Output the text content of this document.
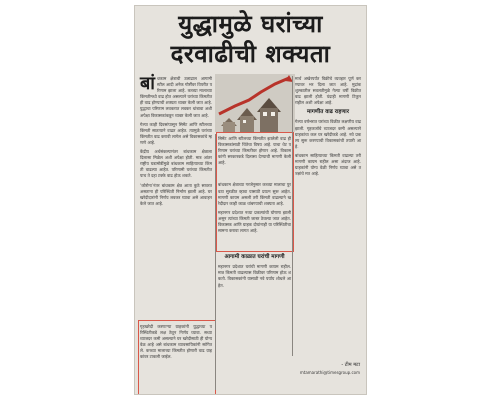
युद्धामुळे घरांच्या
दरवाढीची शक्यता

बांधकाम क्षेत्राची उलाढाल आगामी स्टील आदी अनेक गोष्टींवर विपरीत परिणाम झाला आहे. कच्च्या मालाच्या किंमतीमध्ये वाढ होत असल्याने घरांच्या किंमतीतही वाढ होण्याची शक्यता व्यक्त केली जात आहे. युद्धाचा परिणाम लवकरात लवकर थांबावा अशी अपेक्षा विकासकांकडून व्यक्त केली जात आहे.

गेल्या काही दिवसांपासून सिमेंट आणि स्टीलच्या किंमती सातत्याने वाढत आहेत. त्यामुळे घरांच्या किंमतीत वाढ करावी लागेल असे विकासकांचे म्हणणे आहे.

केंद्रीय अर्थसंकल्पानंतर बांधकाम क्षेत्राला दिलासा मिळेल अशी अपेक्षा होती. मात्र आंतरराष्ट्रीय घडामोडींमुळे बांधकाम साहित्याच्या किंमती वाढल्या आहेत. परिणामी घरांच्या किंमतीत पाच ते दहा टक्के वाढ होऊ शकते.

‘कोरोना’नंतर बांधकाम क्षेत्र आता कुठे सावरत असताना ही परिस्थिती निर्माण झाली आहे. घर खरेदीदारांनी निर्णय लवकर घ्यावा असे आवाहन केले जात आहे.

गृहखरेदी करणाऱ्या ग्राहकांनी युद्धाच्या परिस्थितीकडे लक्ष ठेवून निर्णय घ्यावा. सध्या व्याजदर कमी असल्याने घर खरेदीसाठी ही योग्य वेळ आहे असे बांधकाम व्यावसायिकांनी सांगितले. कच्च्या मालाच्या किंमतीत होणारी वाढ ग्राहकांवर टाकली जाईल.

सिमेंट आणि स्टीलच्या किंमतीत झालेली वाढ ही विकासकांसाठी चिंतेचा विषय आहे. याचा थेट परिणाम घरांच्या किंमतीवर होणार आहे. विकासकांनी सरकारकडे दिलासा देण्याची मागणी केली आहे.

बांधकाम क्षेत्राच्या गरजेनुसार कच्च्या मालाचा पुरवठा सुरळीत व्हावा यासाठी प्रयत्न सुरू आहेत. मागणी कायम असली तरी किंमती वाढल्याने खरेदीदार काही काळ थांबण्याची शक्यता आहे.

महानगर प्रदेशात नव्या प्रकल्पांची घोषणा झाली असून त्यांच्या किंमती जास्त ठेवल्या जात आहेत. विकासक आणि ग्राहक दोघांनाही या परिस्थितीचा सामना करावा लागत आहे.

आगामी काळात घरांची मागणी

महानगर प्रदेशात घरांची मागणी कायम राहील. मात्र किंमती वाढल्यास विक्रीवर परिणाम होऊ शकतो. विकासकांनी यासाठी नवे पर्याय शोधले आहेत.

मार्च अखेरपर्यंत विक्रीचे व्यवहार पूर्ण करण्यावर भर दिला जात आहे. मुद्रांक शुल्कातील सवलतीमुळे गेल्या वर्षी विक्रीत वाढ झाली होती. यंदाही मागणी टिकून राहील अशी अपेक्षा आहे.

मागणीत वाढ राहणार

गेल्या वर्षभरात घरांच्या विक्रीत लक्षणीय वाढ झाली. गृहकर्जाचे व्याजदर कमी असल्याने ग्राहकांचा कल घर खरेदीकडे आहे. नवे प्रकल्प सुरू करण्याची विकासकांची तयारी आहे.

बांधकाम साहित्याच्या किंमती वाढल्या तरी मागणी कायम राहील असा अंदाज आहे. ग्राहकांनी योग्य वेळी निर्णय घ्यावा असे तज्ज्ञांचे मत आहे.

- टीम मटा
mtamarathi@timesgroup.com
